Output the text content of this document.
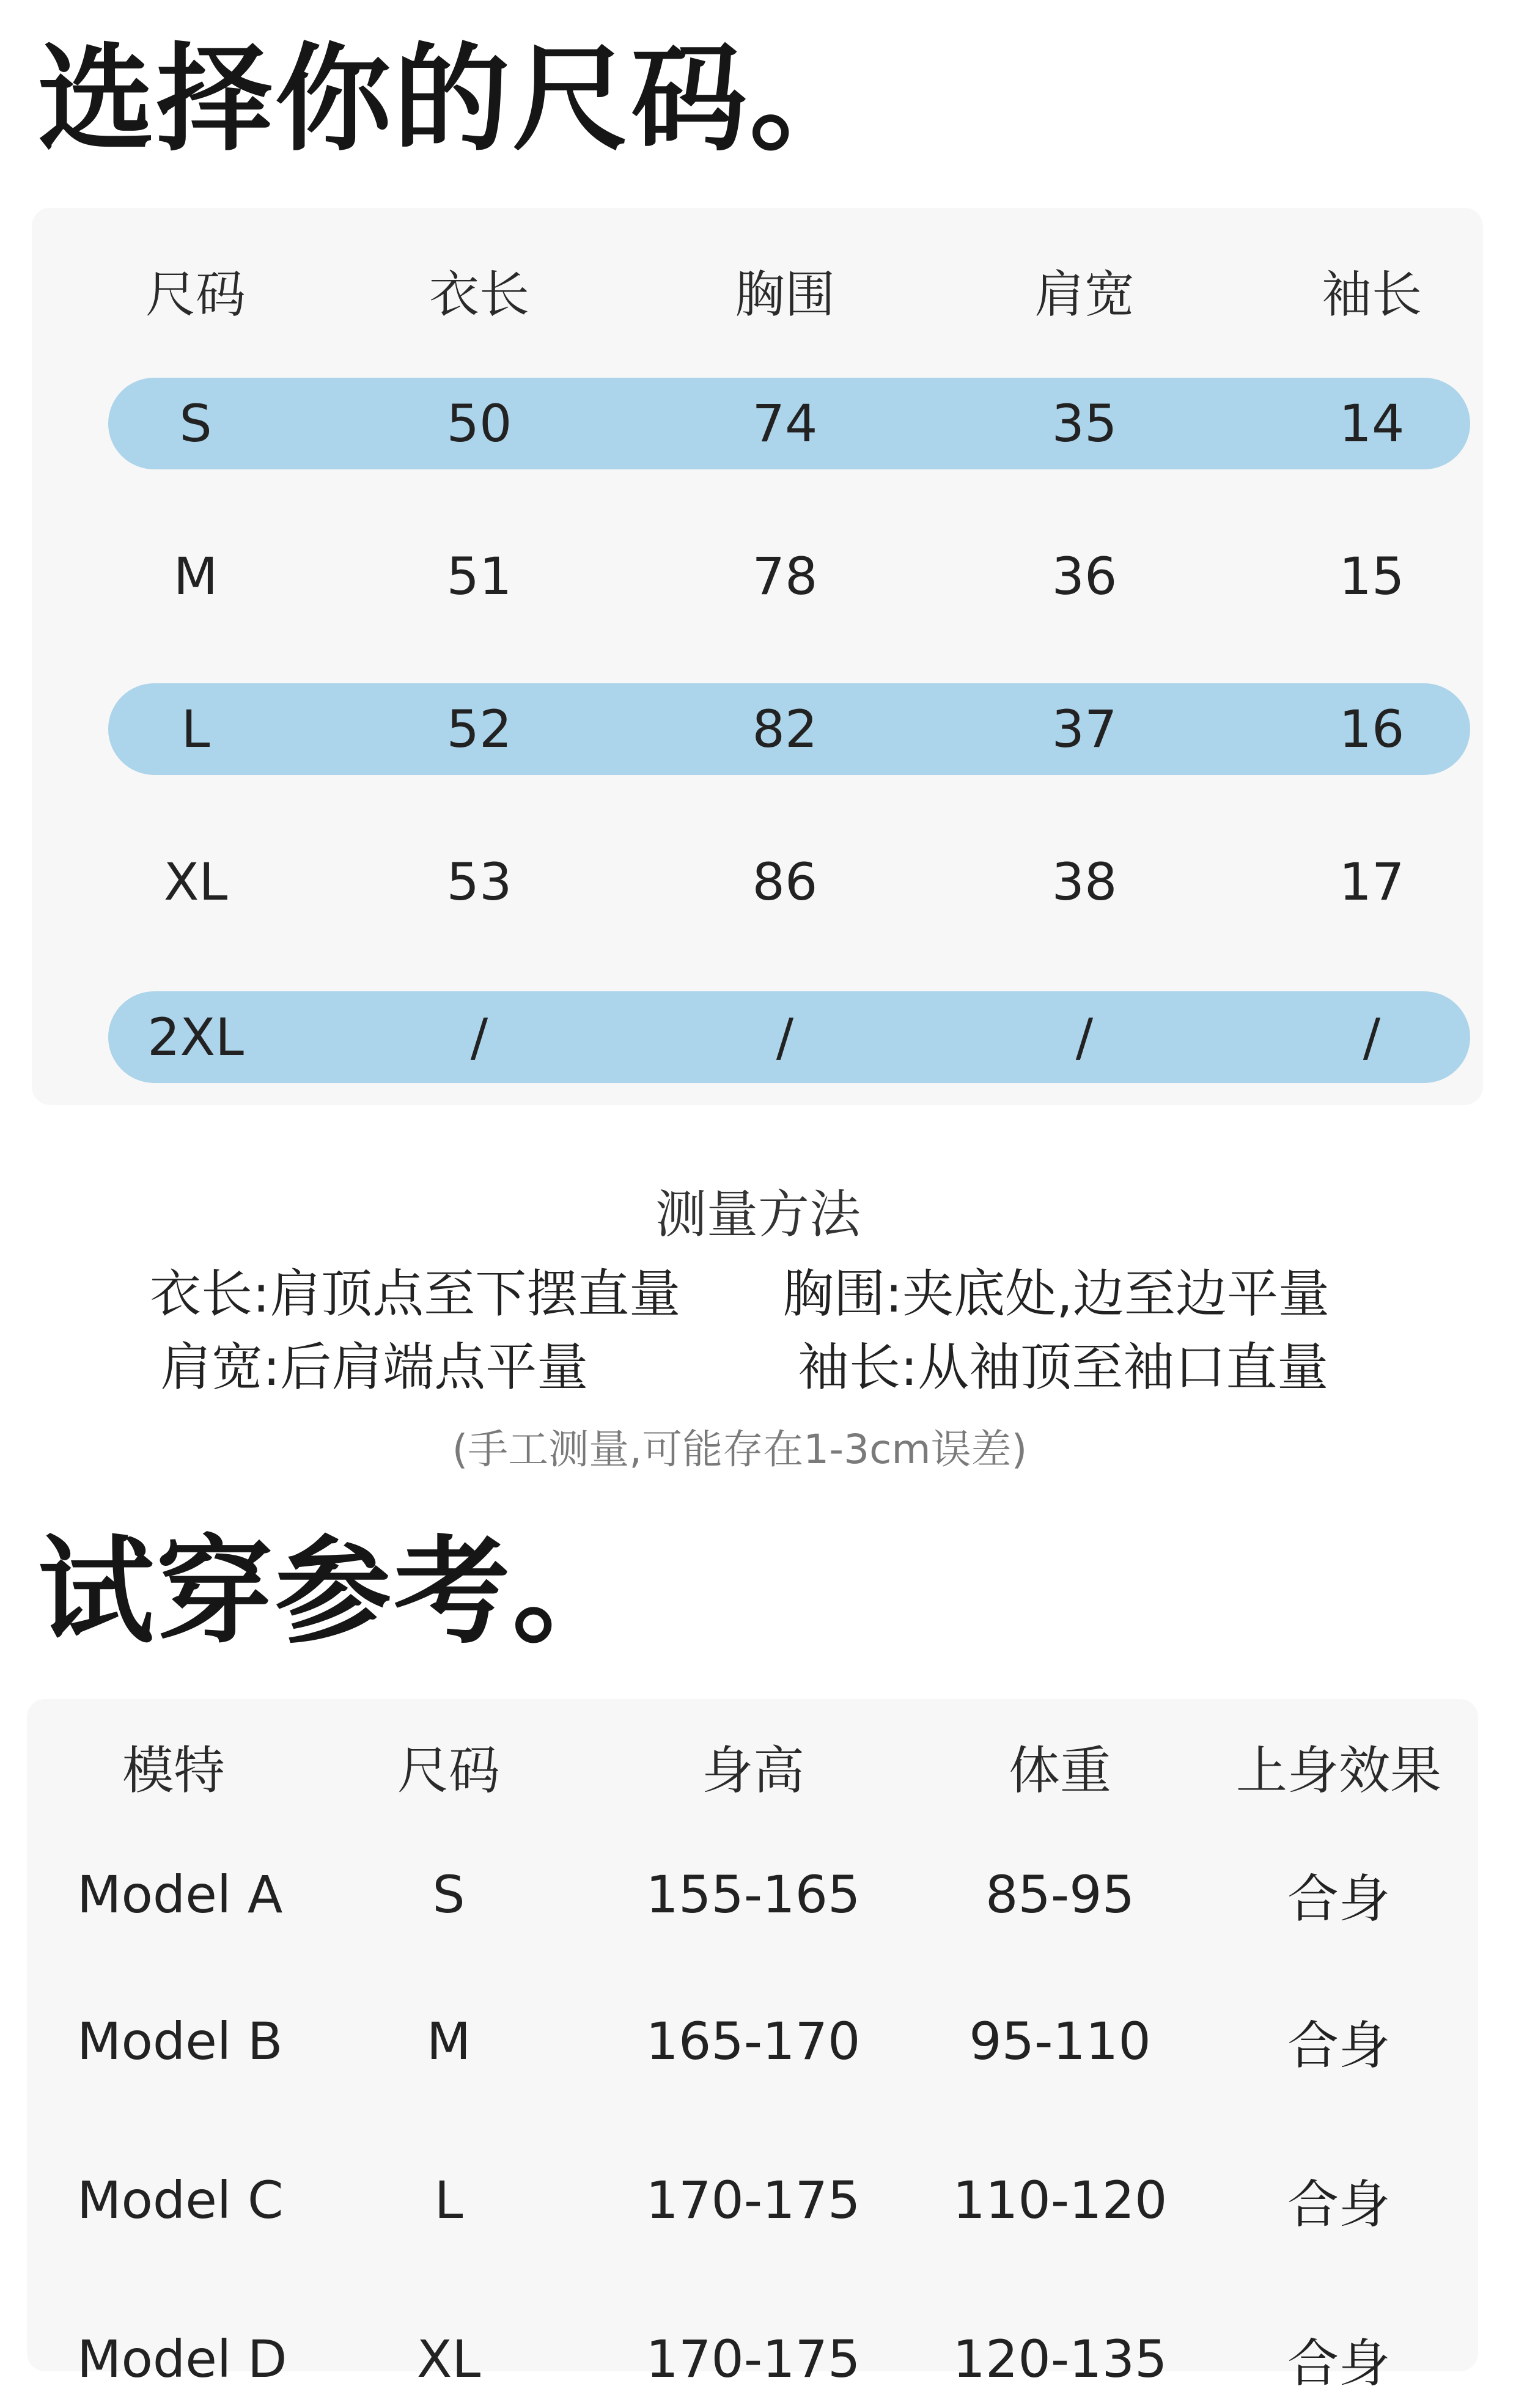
选择你的尺码。
尺码	衣长	胸围	肩宽	袖长
S	50	74	35	14
M	51	78	36	15
L	52	82	37	16
XL	53	86	38	17
2XL	/	/	/	/
测量方法
衣长:肩顶点至下摆直量 胸围:夹底处,边至边平量
肩宽:后肩端点平量	袖长:从袖顶至袖口直量
(手工测量,可能存在1-3cm误差)
试穿参考。
模特	尺码	身高	体重	上身效果
Model A	S	155-165	85-95	合身
Model B	M	165-170	95-110	合身
Model C	L	170-175	110-120	合身
Model D	XL	170-175	120-135	合身
